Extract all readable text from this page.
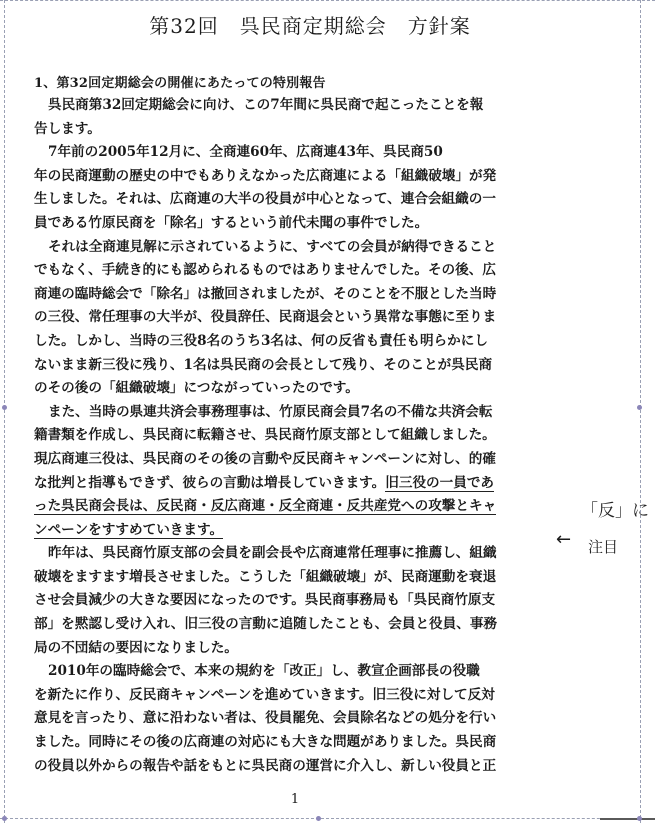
第32回　呉民商定期総会　方針案
1、第32回定期総会の開催にあたっての特別報告
呉民商第32回定期総会に向け、この7年間に呉民商で起こったことを報
告します。
7年前の2005年12月に、全商連60年、広商連43年、呉民商50
年の民商運動の歴史の中でもありえなかった広商連による「組織破壊」が発
生しました。それは、広商連の大半の役員が中心となって、連合会組織の一
員である竹原民商を「除名」するという前代未聞の事件でした。
それは全商連見解に示されているように、すべての会員が納得できること
でもなく、手続き的にも認められるものではありませんでした。その後、広
商連の臨時総会で「除名」は撤回されましたが、そのことを不服とした当時
の三役、常任理事の大半が、役員辞任、民商退会という異常な事態に至りま
した。しかし、当時の三役8名のうち3名は、何の反省も責任も明らかにし
ないまま新三役に残り、1名は呉民商の会長として残り、そのことが呉民商
のその後の「組織破壊」につながっていったのです。
また、当時の県連共済会事務理事は、竹原民商会員7名の不備な共済会転
籍書類を作成し、呉民商に転籍させ、呉民商竹原支部として組織しました。
現広商連三役は、呉民商のその後の言動や反民商キャンペーンに対し、的確
な批判と指導もできず、彼らの言動は増長していきます。旧三役の一員であ
った呉民商会長は、反民商・反広商連・反全商連・反共産党への攻撃とキャ
ンペーンをすすめていきます。
昨年は、呉民商竹原支部の会員を副会長や広商連常任理事に推薦し、組織
破壊をますます増長させました。こうした「組織破壊」が、民商運動を衰退
させ会員減少の大きな要因になったのです。呉民商事務局も「呉民商竹原支
部」を黙認し受け入れ、旧三役の言動に追随したことも、会員と役員、事務
局の不団結の要因になりました。
2010年の臨時総会で、本来の規約を「改正」し、教宣企画部長の役職
を新たに作り、反民商キャンペーンを進めていきます。旧三役に対して反対
意見を言ったり、意に沿わない者は、役員罷免、会員除名などの処分を行い
ました。同時にその後の広商連の対応にも大きな問題がありました。呉民商
の役員以外からの報告や話をもとに呉民商の運営に介入し、新しい役員と正
「反」に
← 注目
1
